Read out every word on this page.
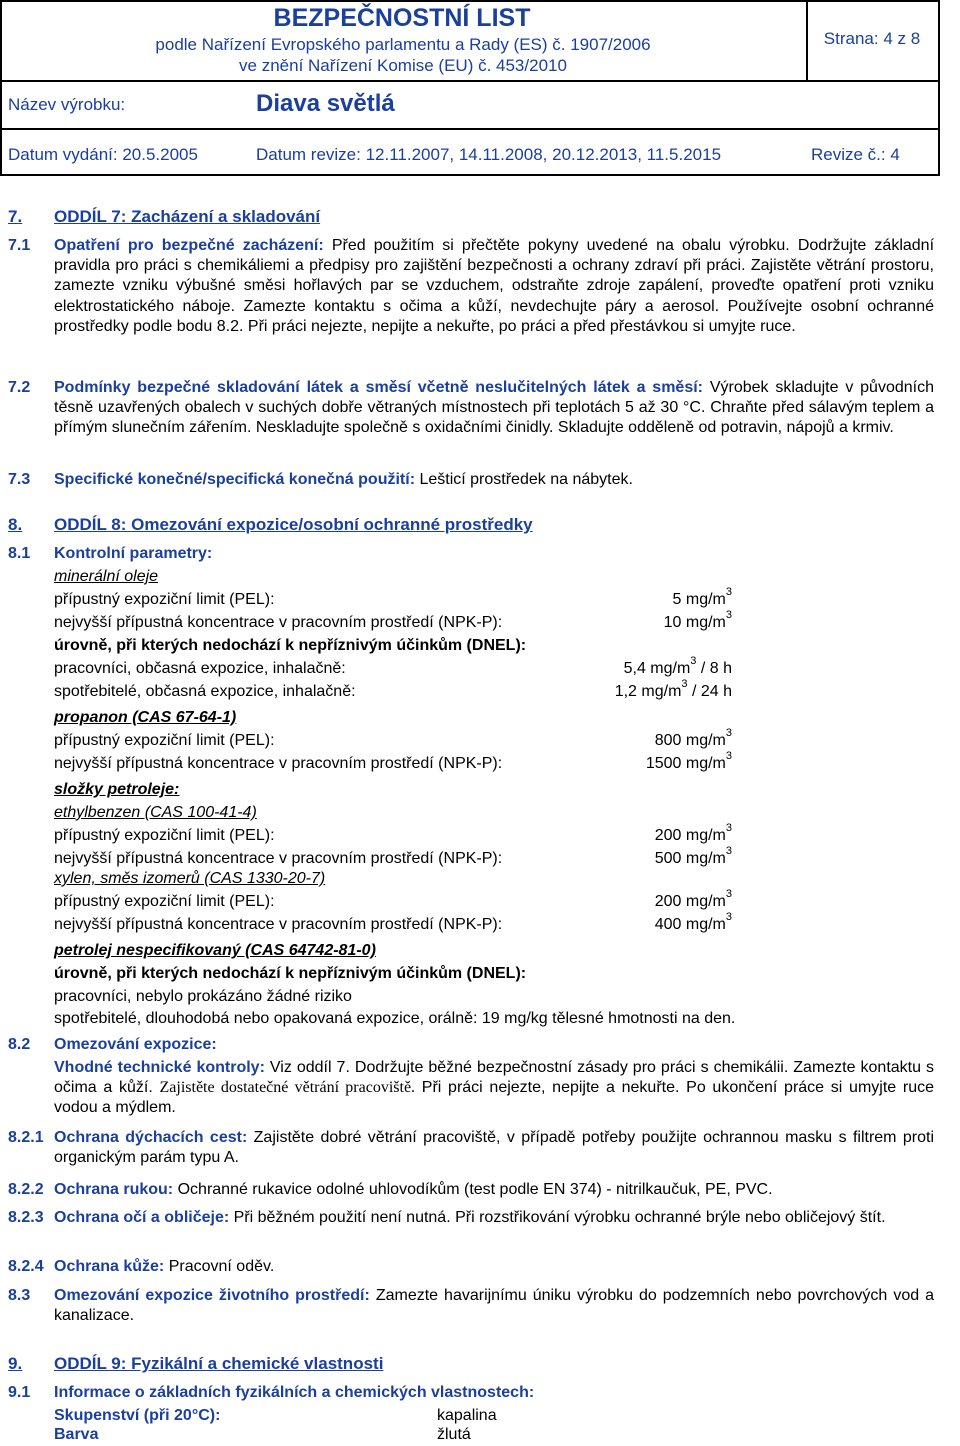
BEZPEČNOSTNÍ LIST
podle Nařízení Evropského parlamentu a Rady (ES) č. 1907/2006
ve znění Nařízení Komise (EU) č. 453/2010
Strana: 4 z 8
Název výrobku:	Diava světlá
Datum vydání: 20.5.2005	Datum revize: 12.11.2007, 14.11.2008, 20.12.2013, 11.5.2015	Revize č.: 4
7. ODDÍL 7: Zacházení a skladování
7.1 Opatření pro bezpečné zacházení: Před použitím si přečtěte pokyny uvedené na obalu výrobku. Dodržujte základní pravidla pro práci s chemikáliemi a předpisy pro zajištění bezpečnosti a ochrany zdraví při práci. Zajistěte větrání prostoru, zamezte vzniku výbušné směsi hořlavých par se vzduchem, odstraňte zdroje zapálení, proveďte opatření proti vzniku elektrostatického náboje. Zamezte kontaktu s očima a kůží, nevdechujte páry a aerosol. Používejte osobní ochranné prostředky podle bodu 8.2. Při práci nejezte, nepijte a nekuřte, po práci a před přestávkou si umyjte ruce.
7.2 Podmínky bezpečné skladování látek a směsí včetně neslučitelných látek a směsí: Výrobek skladujte v původních těsně uzavřených obalech v suchých dobře větraných místnostech při teplotách 5 až 30 °C. Chraňte před sálavým teplem a přímým slunečním zářením. Neskladujte společně s oxidačními činidly. Skladujte odděleně od potravin, nápojů a krmiv.
7.3 Specifické konečné/specifická konečná použití: Lešticí prostředek na nábytek.
8. ODDÍL 8: Omezování expozice/osobní ochranné prostředky
8.1 Kontrolní parametry:
minerální oleje
přípustný expoziční limit (PEL):	5 $mg/m^3$
nejvyšší přípustná koncentrace v pracovním prostředí (NPK-P):	10 $mg/m^3$
úrovně, při kterých nedochází k nepříznivým účinkům (DNEL):
pracovníci, občasná expozice, inhalačně:	5,4 $mg/m^3 / 8$ h
spotřebitelé, občasná expozice, inhalačně:	1,2 $mg/m^3 / 24$ h
propanon (CAS 67-64-1)
přípustný expoziční limit (PEL):	800 $mg/m^3$
nejvyšší přípustná koncentrace v pracovním prostředí (NPK-P):	1500 $mg/m^3$
složky petroleje:
ethylbenzen (CAS 100-41-4)
přípustný expoziční limit (PEL):	200 $mg/m^3$
nejvyšší přípustná koncentrace v pracovním prostředí (NPK-P):	500 $mg/m^3$
xylen, směs izomerů (CAS 1330-20-7)
přípustný expoziční limit (PEL):	200 $mg/m^3$
nejvyšší přípustná koncentrace v pracovním prostředí (NPK-P):	400 $mg/m^3$
petrolej nespecifikovaný (CAS 64742-81-0)
úrovně, při kterých nedochází k nepříznivým účinkům (DNEL):
pracovníci, nebylo prokázáno žádné riziko
spotřebitelé, dlouhodobá nebo opakovaná expozice, orálně: 19 mg/kg tělesné hmotnosti na den.
8.2 Omezování expozice:
Vhodné technické kontroly: Viz oddíl 7. Dodržujte běžné bezpečnostní zásady pro práci s chemikálii. Zamezte kontaktu s očima a kůží. Zajistěte dostatečné větrání pracoviště. Při práci nejezte, nepijte a nekuřte. Po ukončení práce si umyjte ruce vodou a mýdlem.
8.2.1 Ochrana dýchacích cest: Zajistěte dobré větrání pracoviště, v případě potřeby použijte ochrannou masku s filtrem proti organickým parám typu A.
8.2.2 Ochrana rukou: Ochranné rukavice odolné uhlovodíkům (test podle EN 374) - nitrilkaučuk, PE, PVC.
8.2.3 Ochrana očí a obličeje: Při běžném použití není nutná. Při rozstřikování výrobku ochranné brýle nebo obličejový štít.
8.2.4 Ochrana kůže: Pracovní oděv.
8.3 Omezování expozice životního prostředí: Zamezte havarijnímu úniku výrobku do podzemních nebo povrchových vod a kanalizace.
9. ODDÍL 9: Fyzikální a chemické vlastnosti
9.1 Informace o základních fyzikálních a chemických vlastnostech:
Skupenství (při 20°C):	kapalina
Barva	žlutá
